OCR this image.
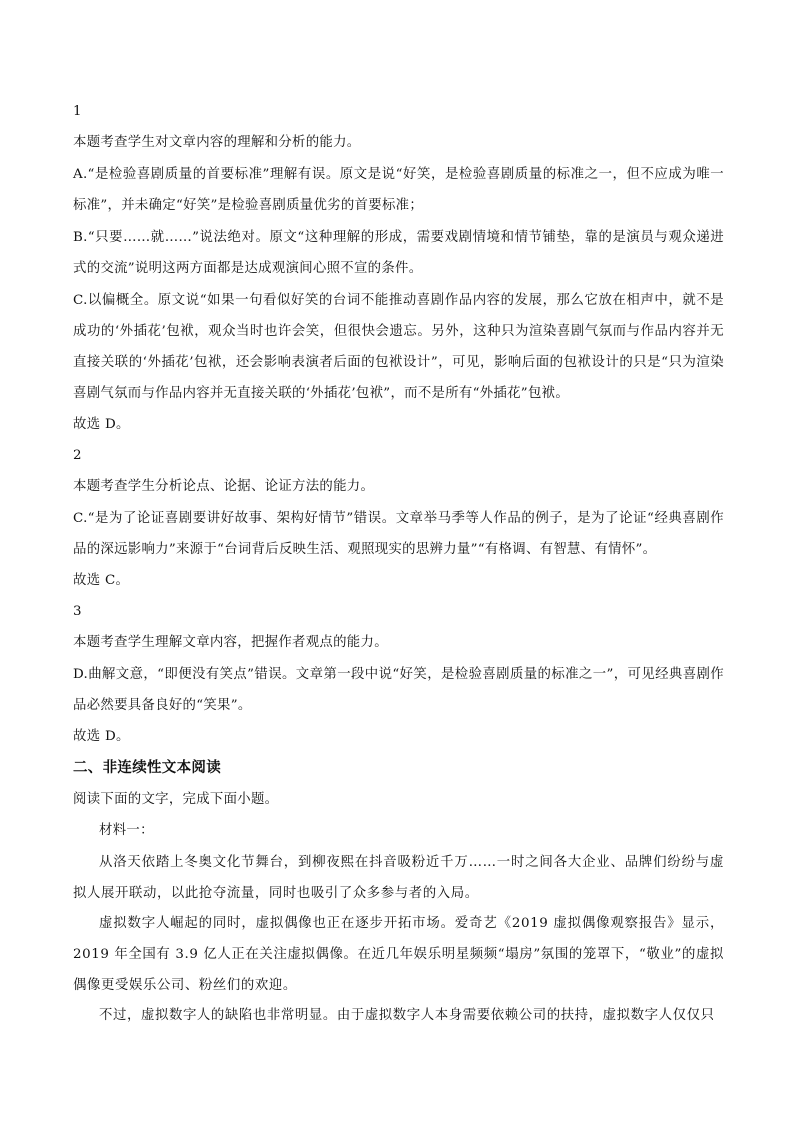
1
本题考查学生对文章内容的理解和分析的能力。
A.“是检验喜剧质量的首要标准”理解有误。原文是说“好笑，是检验喜剧质量的标准之一，但不应成为唯一标准”，并未确定“好笑”是检验喜剧质量优劣的首要标准；
B.“只要……就……”说法绝对。原文“这种理解的形成，需要戏剧情境和情节铺垫，靠的是演员与观众递进式的交流”说明这两方面都是达成观演间心照不宣的条件。
C.以偏概全。原文说“如果一句看似好笑的台词不能推动喜剧作品内容的发展，那么它放在相声中，就不是成功的‘外插花’包袱，观众当时也许会笑，但很快会遗忘。另外，这种只为渲染喜剧气氛而与作品内容并无直接关联的‘外插花’包袱，还会影响表演者后面的包袱设计”，可见，影响后面的包袱设计的只是“只为渲染喜剧气氛而与作品内容并无直接关联的‘外插花’包袱”，而不是所有“外插花”包袱。
故选 D。
2
本题考查学生分析论点、论据、论证方法的能力。
C.“是为了论证喜剧要讲好故事、架构好情节”错误。文章举马季等人作品的例子，是为了论证“经典喜剧作品的深远影响力”来源于“台词背后反映生活、观照现实的思辨力量”“有格调、有智慧、有情怀”。
故选 C。
3
本题考查学生理解文章内容，把握作者观点的能力。
D.曲解文意，“即便没有笑点”错误。文章第一段中说“好笑，是检验喜剧质量的标准之一”，可见经典喜剧作品必然要具备良好的“笑果”。
故选 D。
二、非连续性文本阅读
阅读下面的文字，完成下面小题。
材料一：
从洛天依踏上冬奥文化节舞台，到柳夜熙在抖音吸粉近千万……一时之间各大企业、品牌们纷纷与虚拟人展开联动，以此抢夺流量，同时也吸引了众多参与者的入局。
虚拟数字人崛起的同时，虚拟偶像也正在逐步开拓市场。爱奇艺《2019 虚拟偶像观察报告》显示，2019 年全国有 3.9 亿人正在关注虚拟偶像。在近几年娱乐明星频频“塌房”氛围的笼罩下，“敬业”的虚拟偶像更受娱乐公司、粉丝们的欢迎。
不过，虚拟数字人的缺陷也非常明显。由于虚拟数字人本身需要依赖公司的扶持，虚拟数字人仅仅只
